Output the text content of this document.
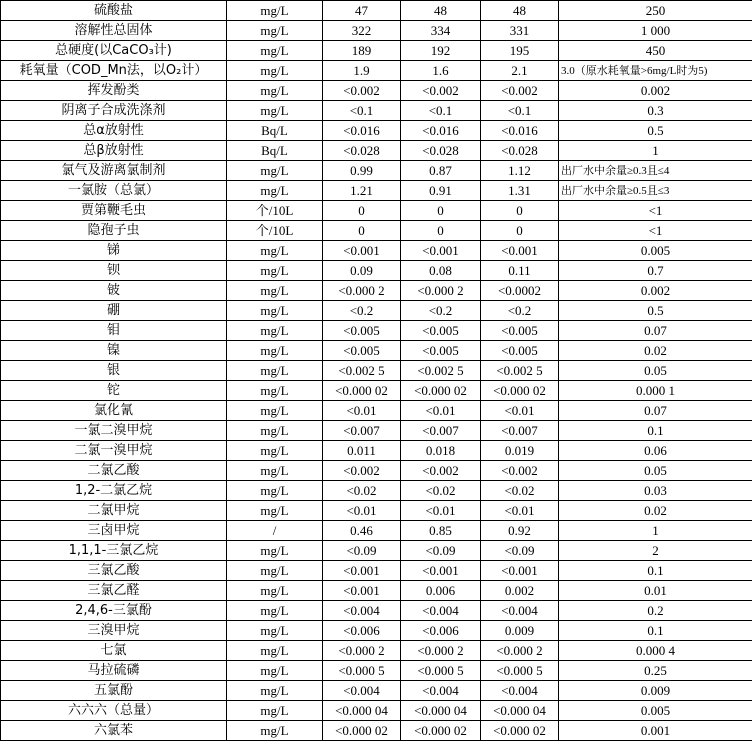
硫酸盐	mg/L	47	48	48	250
溶解性总固体	mg/L	322	334	331	1 000
总硬度(以CaCO₃计)	mg/L	189	192	195	450
耗氧量（COD_Mn法，以O₂计）	mg/L	1.9	1.6	2.1	3.0（原水耗氧量>6mg/L时为5)
挥发酚类	mg/L	<0.002	<0.002	<0.002	0.002
阴离子合成洗涤剂	mg/L	<0.1	<0.1	<0.1	0.3
总α放射性	Bq/L	<0.016	<0.016	<0.016	0.5
总β放射性	Bq/L	<0.028	<0.028	<0.028	1
氯气及游离氯制剂	mg/L	0.99	0.87	1.12	出厂水中余量≥0.3且≤4
一氯胺（总氯）	mg/L	1.21	0.91	1.31	出厂水中余量≥0.5且≤3
贾第鞭毛虫	个/10L	0	0	0	<1
隐孢子虫	个/10L	0	0	0	<1
锑	mg/L	<0.001	<0.001	<0.001	0.005
钡	mg/L	0.09	0.08	0.11	0.7
铍	mg/L	<0.000 2	<0.000 2	<0.0002	0.002
硼	mg/L	<0.2	<0.2	<0.2	0.5
钼	mg/L	<0.005	<0.005	<0.005	0.07
镍	mg/L	<0.005	<0.005	<0.005	0.02
银	mg/L	<0.002 5	<0.002 5	<0.002 5	0.05
铊	mg/L	<0.000 02	<0.000 02	<0.000 02	0.000 1
氯化氰	mg/L	<0.01	<0.01	<0.01	0.07
一氯二溴甲烷	mg/L	<0.007	<0.007	<0.007	0.1
二氯一溴甲烷	mg/L	0.011	0.018	0.019	0.06
二氯乙酸	mg/L	<0.002	<0.002	<0.002	0.05
1,2-二氯乙烷	mg/L	<0.02	<0.02	<0.02	0.03
二氯甲烷	mg/L	<0.01	<0.01	<0.01	0.02
三卤甲烷	/	0.46	0.85	0.92	1
1,1,1-三氯乙烷	mg/L	<0.09	<0.09	<0.09	2
三氯乙酸	mg/L	<0.001	<0.001	<0.001	0.1
三氯乙醛	mg/L	<0.001	0.006	0.002	0.01
2,4,6-三氯酚	mg/L	<0.004	<0.004	<0.004	0.2
三溴甲烷	mg/L	<0.006	<0.006	0.009	0.1
七氯	mg/L	<0.000 2	<0.000 2	<0.000 2	0.000 4
马拉硫磷	mg/L	<0.000 5	<0.000 5	<0.000 5	0.25
五氯酚	mg/L	<0.004	<0.004	<0.004	0.009
六六六（总量）	mg/L	<0.000 04	<0.000 04	<0.000 04	0.005
六氯苯	mg/L	<0.000 02	<0.000 02	<0.000 02	0.001
